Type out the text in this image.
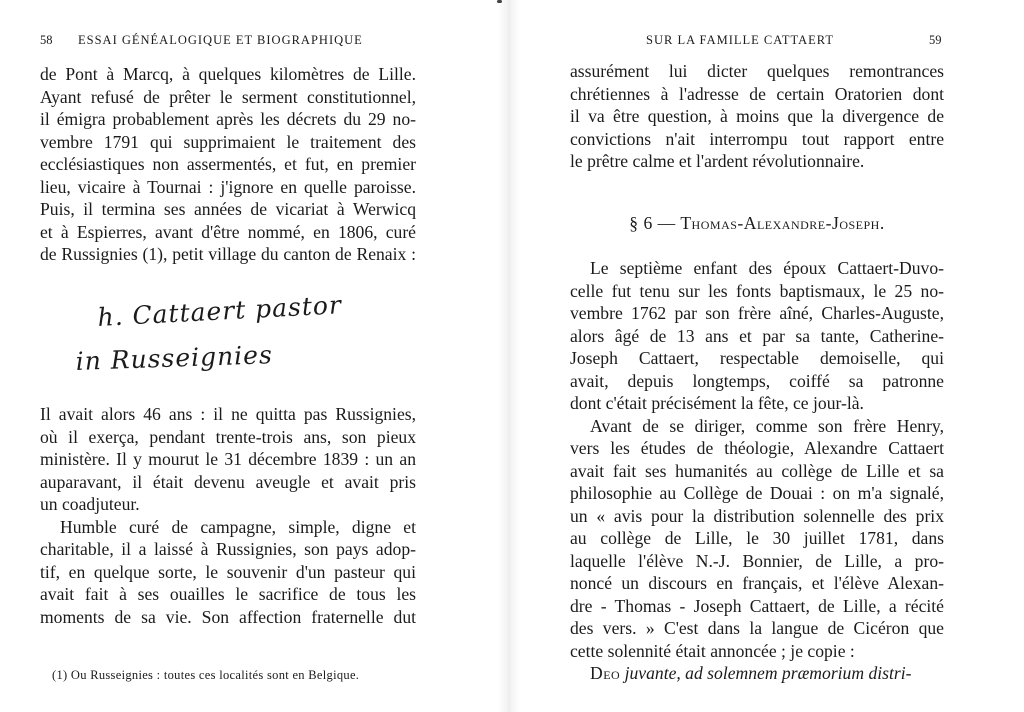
58 ESSAI GÉNÉALOGIQUE ET BIOGRAPHIQUE
de Pont à Marcq, à quelques kilomètres de Lille.
Ayant refusé de prêter le serment constitutionnel,
il émigra probablement après les décrets du 29 no-
vembre 1791 qui supprimaient le traitement des
ecclésiastiques non assermentés, et fut, en premier
lieu, vicaire à Tournai : j'ignore en quelle paroisse.
Puis, il termina ses années de vicariat à Werwicq
et à Espierres, avant d'être nommé, en 1806, curé
de Russignies (1), petit village du canton de Renaix :
h. Cattaert pastor
in Russeignies
Il avait alors 46 ans : il ne quitta pas Russignies,
où il exerça, pendant trente-trois ans, son pieux
ministère. Il y mourut le 31 décembre 1839 : un an
auparavant, il était devenu aveugle et avait pris
un coadjuteur.
Humble curé de campagne, simple, digne et
charitable, il a laissé à Russignies, son pays adop-
tif, en quelque sorte, le souvenir d'un pasteur qui
avait fait à ses ouailles le sacrifice de tous les
moments de sa vie. Son affection fraternelle dut
(1) Ou Russeignies : toutes ces localités sont en Belgique.
SUR LA FAMILLE CATTAERT	59
assurément lui dicter quelques remontrances
chrétiennes à l'adresse de certain Oratorien dont
il va être question, à moins que la divergence de
convictions n'ait interrompu tout rapport entre
le prêtre calme et l'ardent révolutionnaire.
§ 6 — Thomas-Alexandre-Joseph.
Le septième enfant des époux Cattaert-Duvo-
celle fut tenu sur les fonts baptismaux, le 25 no-
vembre 1762 par son frère aîné, Charles-Auguste,
alors âgé de 13 ans et par sa tante, Catherine-
Joseph Cattaert, respectable demoiselle, qui
avait, depuis longtemps, coiffé sa patronne
dont c'était précisément la fête, ce jour-là.
Avant de se diriger, comme son frère Henry,
vers les études de théologie, Alexandre Cattaert
avait fait ses humanités au collège de Lille et sa
philosophie au Collège de Douai : on m'a signalé,
un « avis pour la distribution solennelle des prix
au collège de Lille, le 30 juillet 1781, dans
laquelle l'élève N.-J. Bonnier, de Lille, a pro-
noncé un discours en français, et l'élève Alexan-
dre - Thomas - Joseph Cattaert, de Lille, a récité
des vers. » C'est dans la langue de Cicéron que
cette solennité était annoncée ; je copie :
Deo juvante, ad solemnem præmorium distri-
